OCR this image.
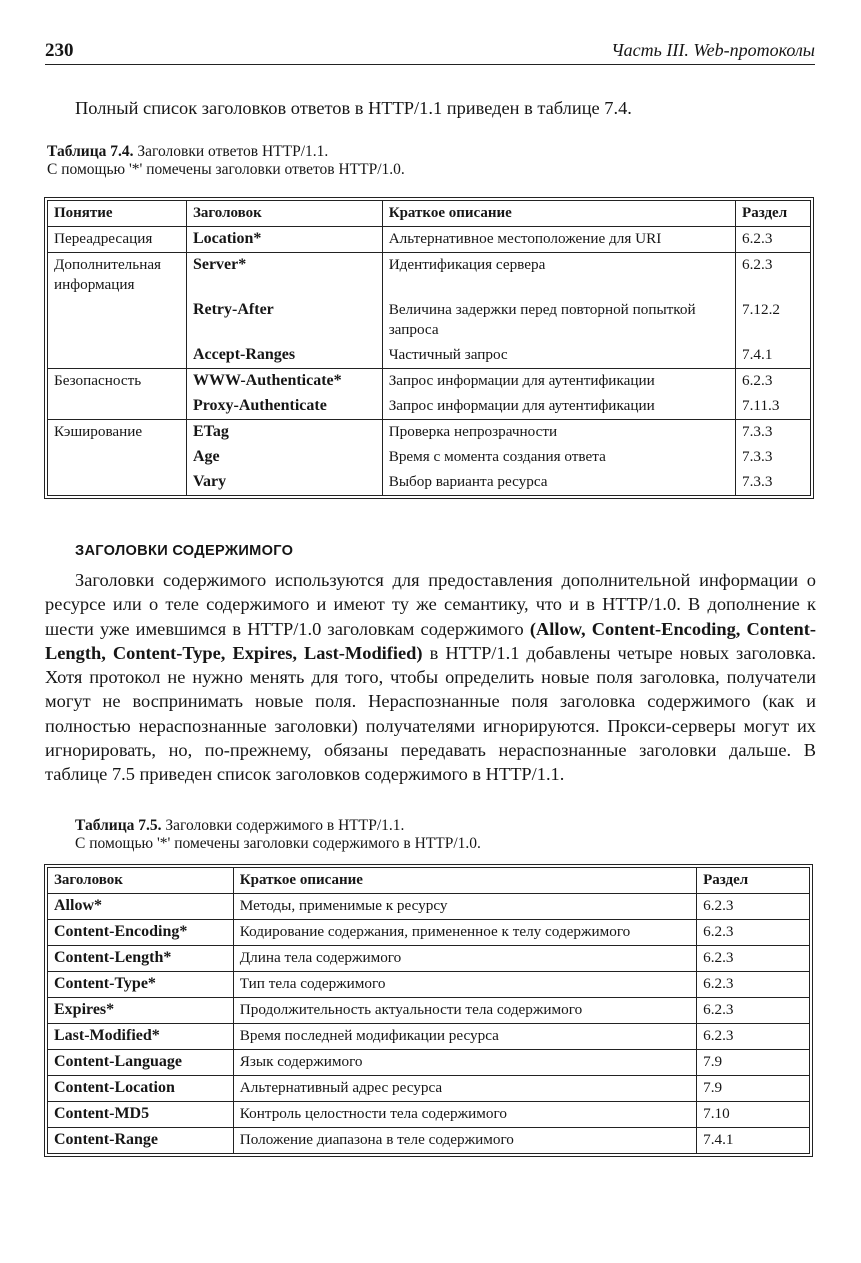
230	Часть III. Web-протоколы

Полный список заголовков ответов в HTTP/1.1 приведен в таблице 7.4.

Таблица 7.4. Заголовки ответов HTTP/1.1.
С помощью '*' помечены заголовки ответов HTTP/1.0.
Понятие	Заголовок	Краткое описание	Раздел
Переадресация	Location*	Альтернативное местоположение для URI	6.2.3
Дополнительная информация	Server*	Идентификация сервера	6.2.3
	Retry-After	Величина задержки перед повторной попыткой запроса	7.12.2
	Accept-Ranges	Частичный запрос	7.4.1
Безопасность	WWW-Authenticate*	Запрос информации для аутентификации	6.2.3
	Proxy-Authenticate	Запрос информации для аутентификации	7.11.3
Кэширование	ETag	Проверка непрозрачности	7.3.3
	Age	Время с момента создания ответа	7.3.3
	Vary	Выбор варианта ресурса	7.3.3
ЗАГОЛОВКИ СОДЕРЖИМОГО

Заголовки содержимого используются для предоставления дополнительной информации о ресурсе или о теле содержимого и имеют ту же семантику, что и в HTTP/1.0. В дополнение к шести уже имевшимся в HTTP/1.0 заголовкам содержимого (Allow, Content-Encoding, Content-Length, Content-Type, Expires, Last-Modified) в HTTP/1.1 добавлены четыре новых заголовка. Хотя протокол не нужно менять для того, чтобы определить новые поля заголовка, получатели могут не воспринимать новые поля. Нераспознанные поля заголовка содержимого (как и полностью нераспознанные заголовки) получателями игнорируются. Прокси-серверы могут их игнорировать, но, по-прежнему, обязаны передавать нераспознанные заголовки дальше. В таблице 7.5 приведен список заголовков содержимого в HTTP/1.1.

Таблица 7.5. Заголовки содержимого в HTTP/1.1.
С помощью '*' помечены заголовки содержимого в HTTP/1.0.
Заголовок	Краткое описание	Раздел
Allow*	Методы, применимые к ресурсу	6.2.3
Content-Encoding*	Кодирование содержания, примененное к телу содержимого	6.2.3
Content-Length*	Длина тела содержимого	6.2.3
Content-Type*	Тип тела содержимого	6.2.3
Expires*	Продолжительность актуальности тела содержимого	6.2.3
Last-Modified*	Время последней модификации ресурса	6.2.3
Content-Language	Язык содержимого	7.9
Content-Location	Альтернативный адрес ресурса	7.9
Content-MD5	Контроль целостности тела содержимого	7.10
Content-Range	Положение диапазона в теле содержимого	7.4.1
